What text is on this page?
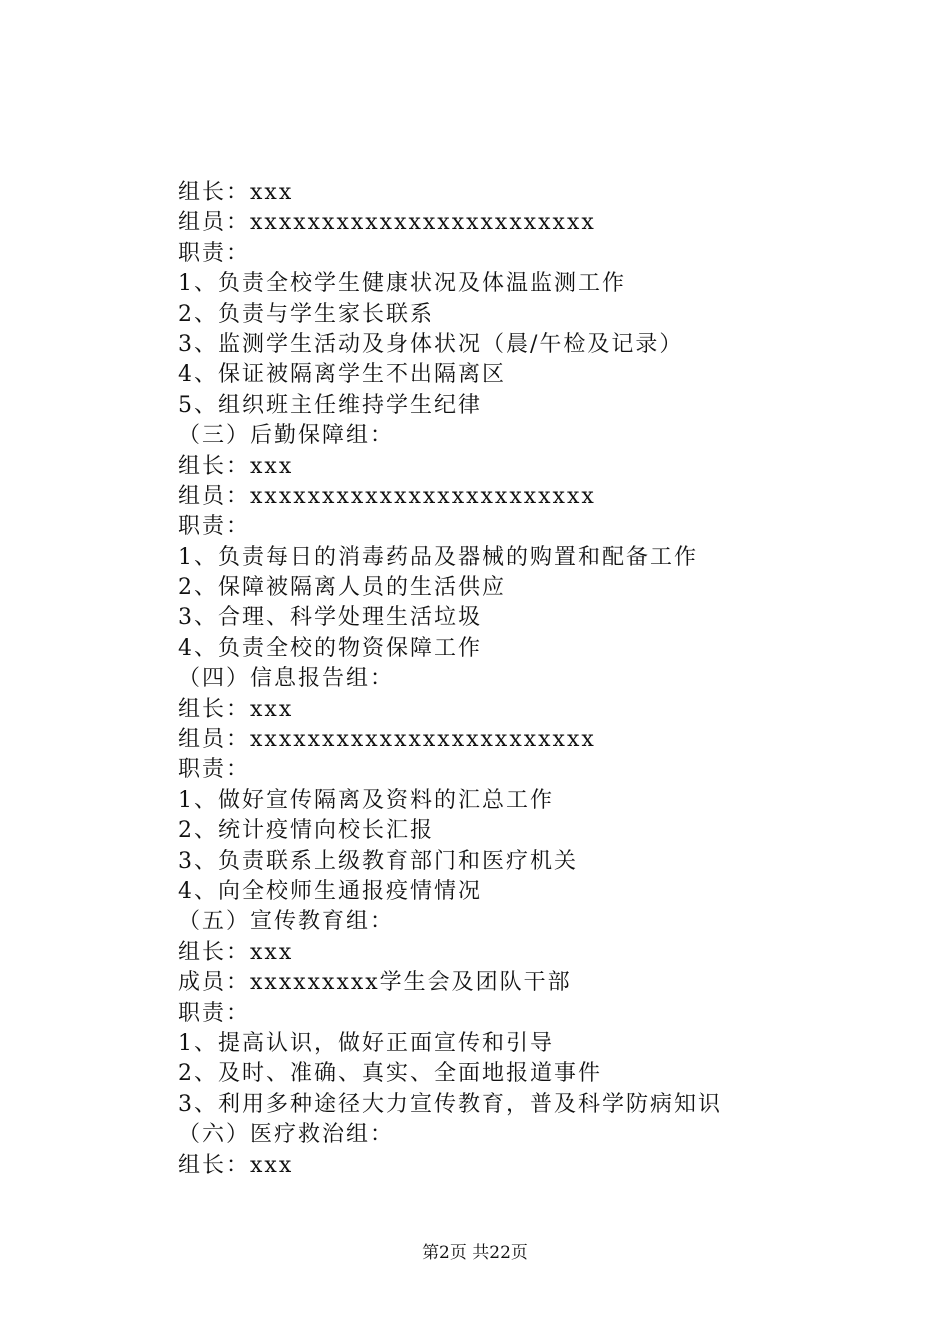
组长：xxx
组员：xxxxxxxxxxxxxxxxxxxxxxxx
职责：
1、负责全校学生健康状况及体温监测工作
2、负责与学生家长联系
3、监测学生活动及身体状况（晨/午检及记录）
4、保证被隔离学生不出隔离区
5、组织班主任维持学生纪律
（三）后勤保障组：
组长：xxx
组员：xxxxxxxxxxxxxxxxxxxxxxxx
职责：
1、负责每日的消毒药品及器械的购置和配备工作
2、保障被隔离人员的生活供应
3、合理、科学处理生活垃圾
4、负责全校的物资保障工作
（四）信息报告组：
组长：xxx
组员：xxxxxxxxxxxxxxxxxxxxxxxx
职责：
1、做好宣传隔离及资料的汇总工作
2、统计疫情向校长汇报
3、负责联系上级教育部门和医疗机关
4、向全校师生通报疫情情况
（五）宣传教育组：
组长：xxx
成员：xxxxxxxxx学生会及团队干部
职责：
1、提高认识，做好正面宣传和引导
2、及时、准确、真实、全面地报道事件
3、利用多种途径大力宣传教育，普及科学防病知识
（六）医疗救治组：
组长：xxx
第2页 共22页
